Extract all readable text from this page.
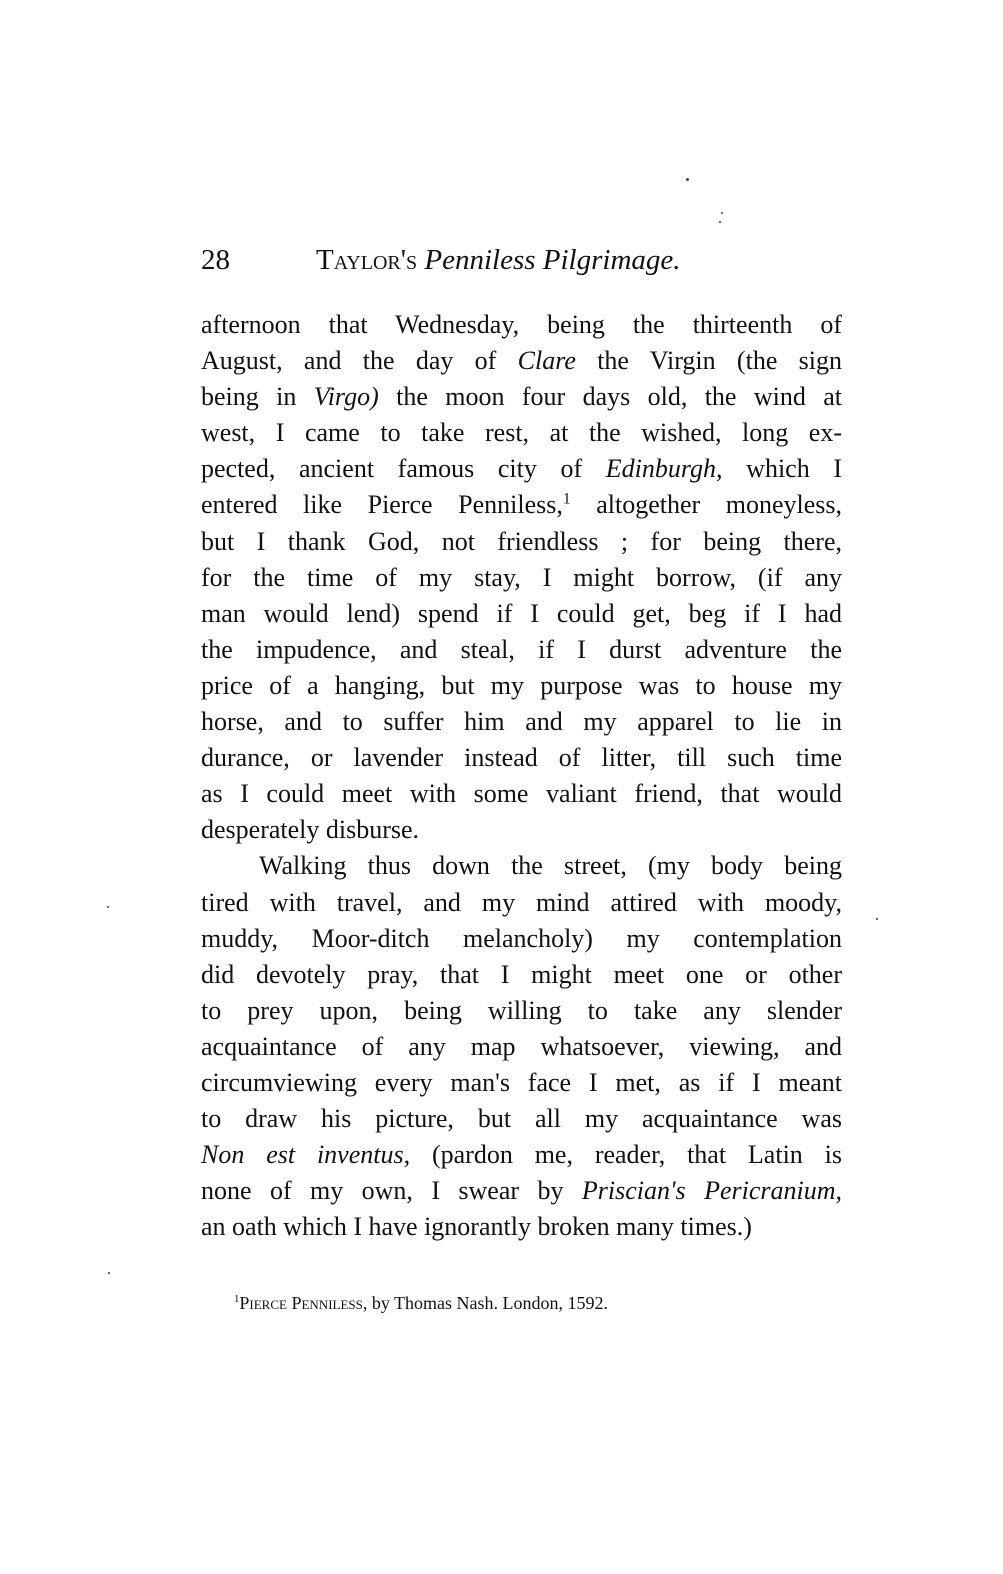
28	Taylor's Penniless Pilgrimage.
afternoon that Wednesday, being the thirteenth of
August, and the day of Clare the Virgin (the sign
being in Virgo) the moon four days old, the wind at
west, I came to take rest, at the wished, long ex-
pected, ancient famous city of Edinburgh, which I
entered like Pierce Penniless,$^1$ altogether moneyless,
but I thank God, not friendless ; for being there,
for the time of my stay, I might borrow, (if any
man would lend) spend if I could get, beg if I had
the impudence, and steal, if I durst adventure the
price of a hanging, but my purpose was to house my
horse, and to suffer him and my apparel to lie in
durance, or lavender instead of litter, till such time
as I could meet with some valiant friend, that would
desperately disburse.
Walking thus down the street, (my body being
tired with travel, and my mind attired with moody,
muddy, Moor-ditch melancholy) my contemplation
did devotely pray, that I might meet one or other
to prey upon, being willing to take any slender
acquaintance of any map whatsoever, viewing, and
circumviewing every man's face I met, as if I meant
to draw his picture, but all my acquaintance was
Non est inventus, (pardon me, reader, that Latin is
none of my own, I swear by Priscian's Pericranium,
an oath which I have ignorantly broken many times.)
$^1$Pierce Penniless, by Thomas Nash. London, 1592.
